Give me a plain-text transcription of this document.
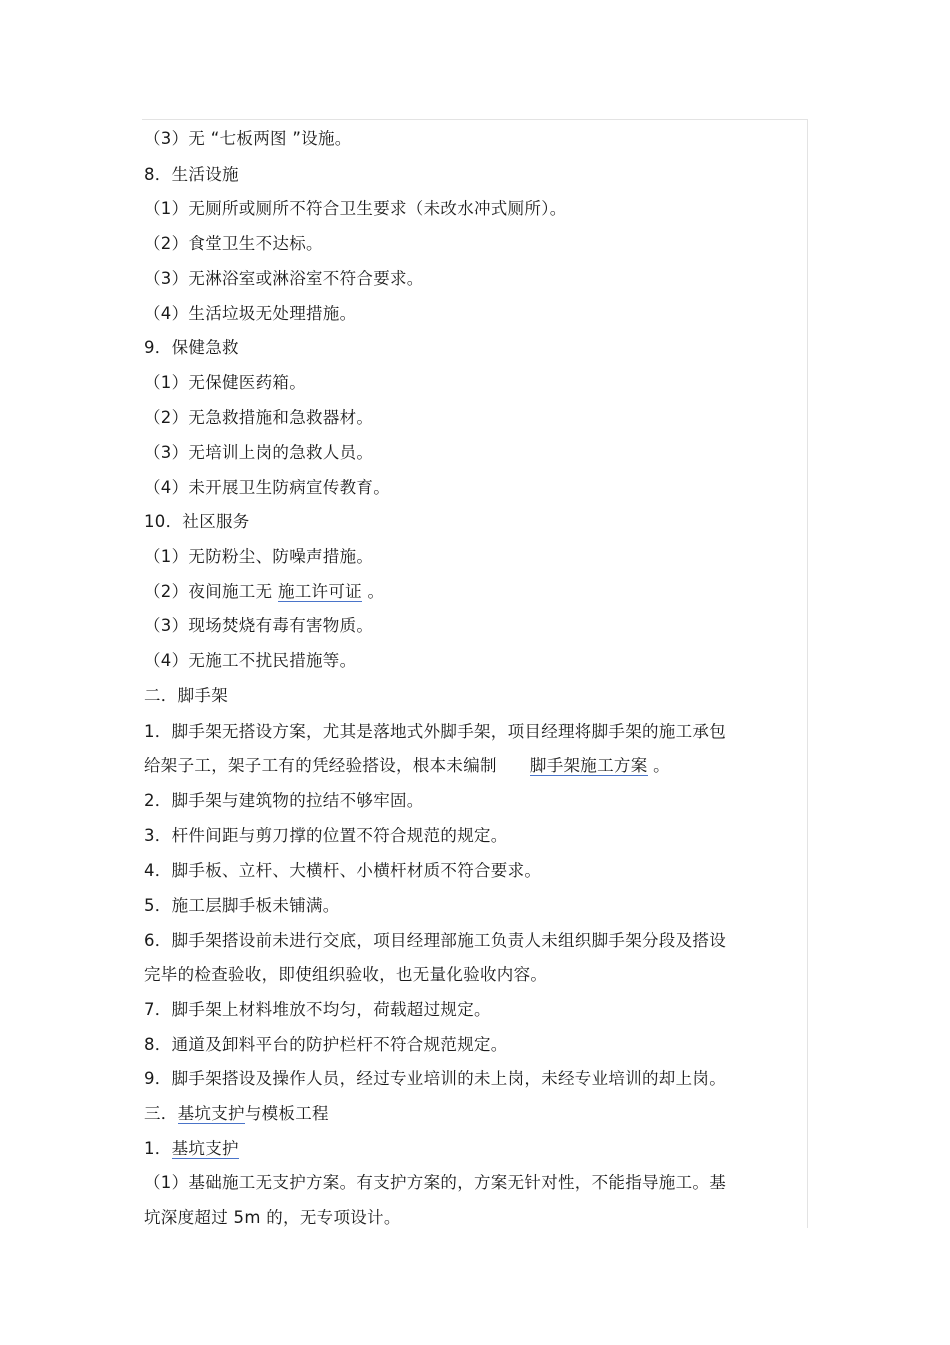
（3）无 “七板两图 ”设施。
8．生活设施
（1）无厕所或厕所不符合卫生要求（未改水冲式厕所）。
（2）食堂卫生不达标。
（3）无淋浴室或淋浴室不符合要求。
（4）生活垃圾无处理措施。
9．保健急救
（1）无保健医药箱。
（2）无急救措施和急救器材。
（3）无培训上岗的急救人员。
（4）未开展卫生防病宣传教育。
10．社区服务
（1）无防粉尘、防噪声措施。
（2）夜间施工无 施工许可证 。
（3）现场焚烧有毒有害物质。
（4）无施工不扰民措施等。
二．脚手架
1．脚手架无搭设方案，尤其是落地式外脚手架，项目经理将脚手架的施工承包
给架子工，架子工有的凭经验搭设，根本未编制 脚手架施工方案 。
2．脚手架与建筑物的拉结不够牢固。
3．杆件间距与剪刀撑的位置不符合规范的规定。
4．脚手板、立杆、大横杆、小横杆材质不符合要求。
5．施工层脚手板未铺满。
6．脚手架搭设前未进行交底，项目经理部施工负责人未组织脚手架分段及搭设
完毕的检查验收，即使组织验收，也无量化验收内容。
7．脚手架上材料堆放不均匀，荷载超过规定。
8．通道及卸料平台的防护栏杆不符合规范规定。
9．脚手架搭设及操作人员，经过专业培训的未上岗，未经专业培训的却上岗。
三．基坑支护与模板工程
1．基坑支护
（1）基础施工无支护方案。有支护方案的，方案无针对性，不能指导施工。基
坑深度超过 5m 的，无专项设计。
